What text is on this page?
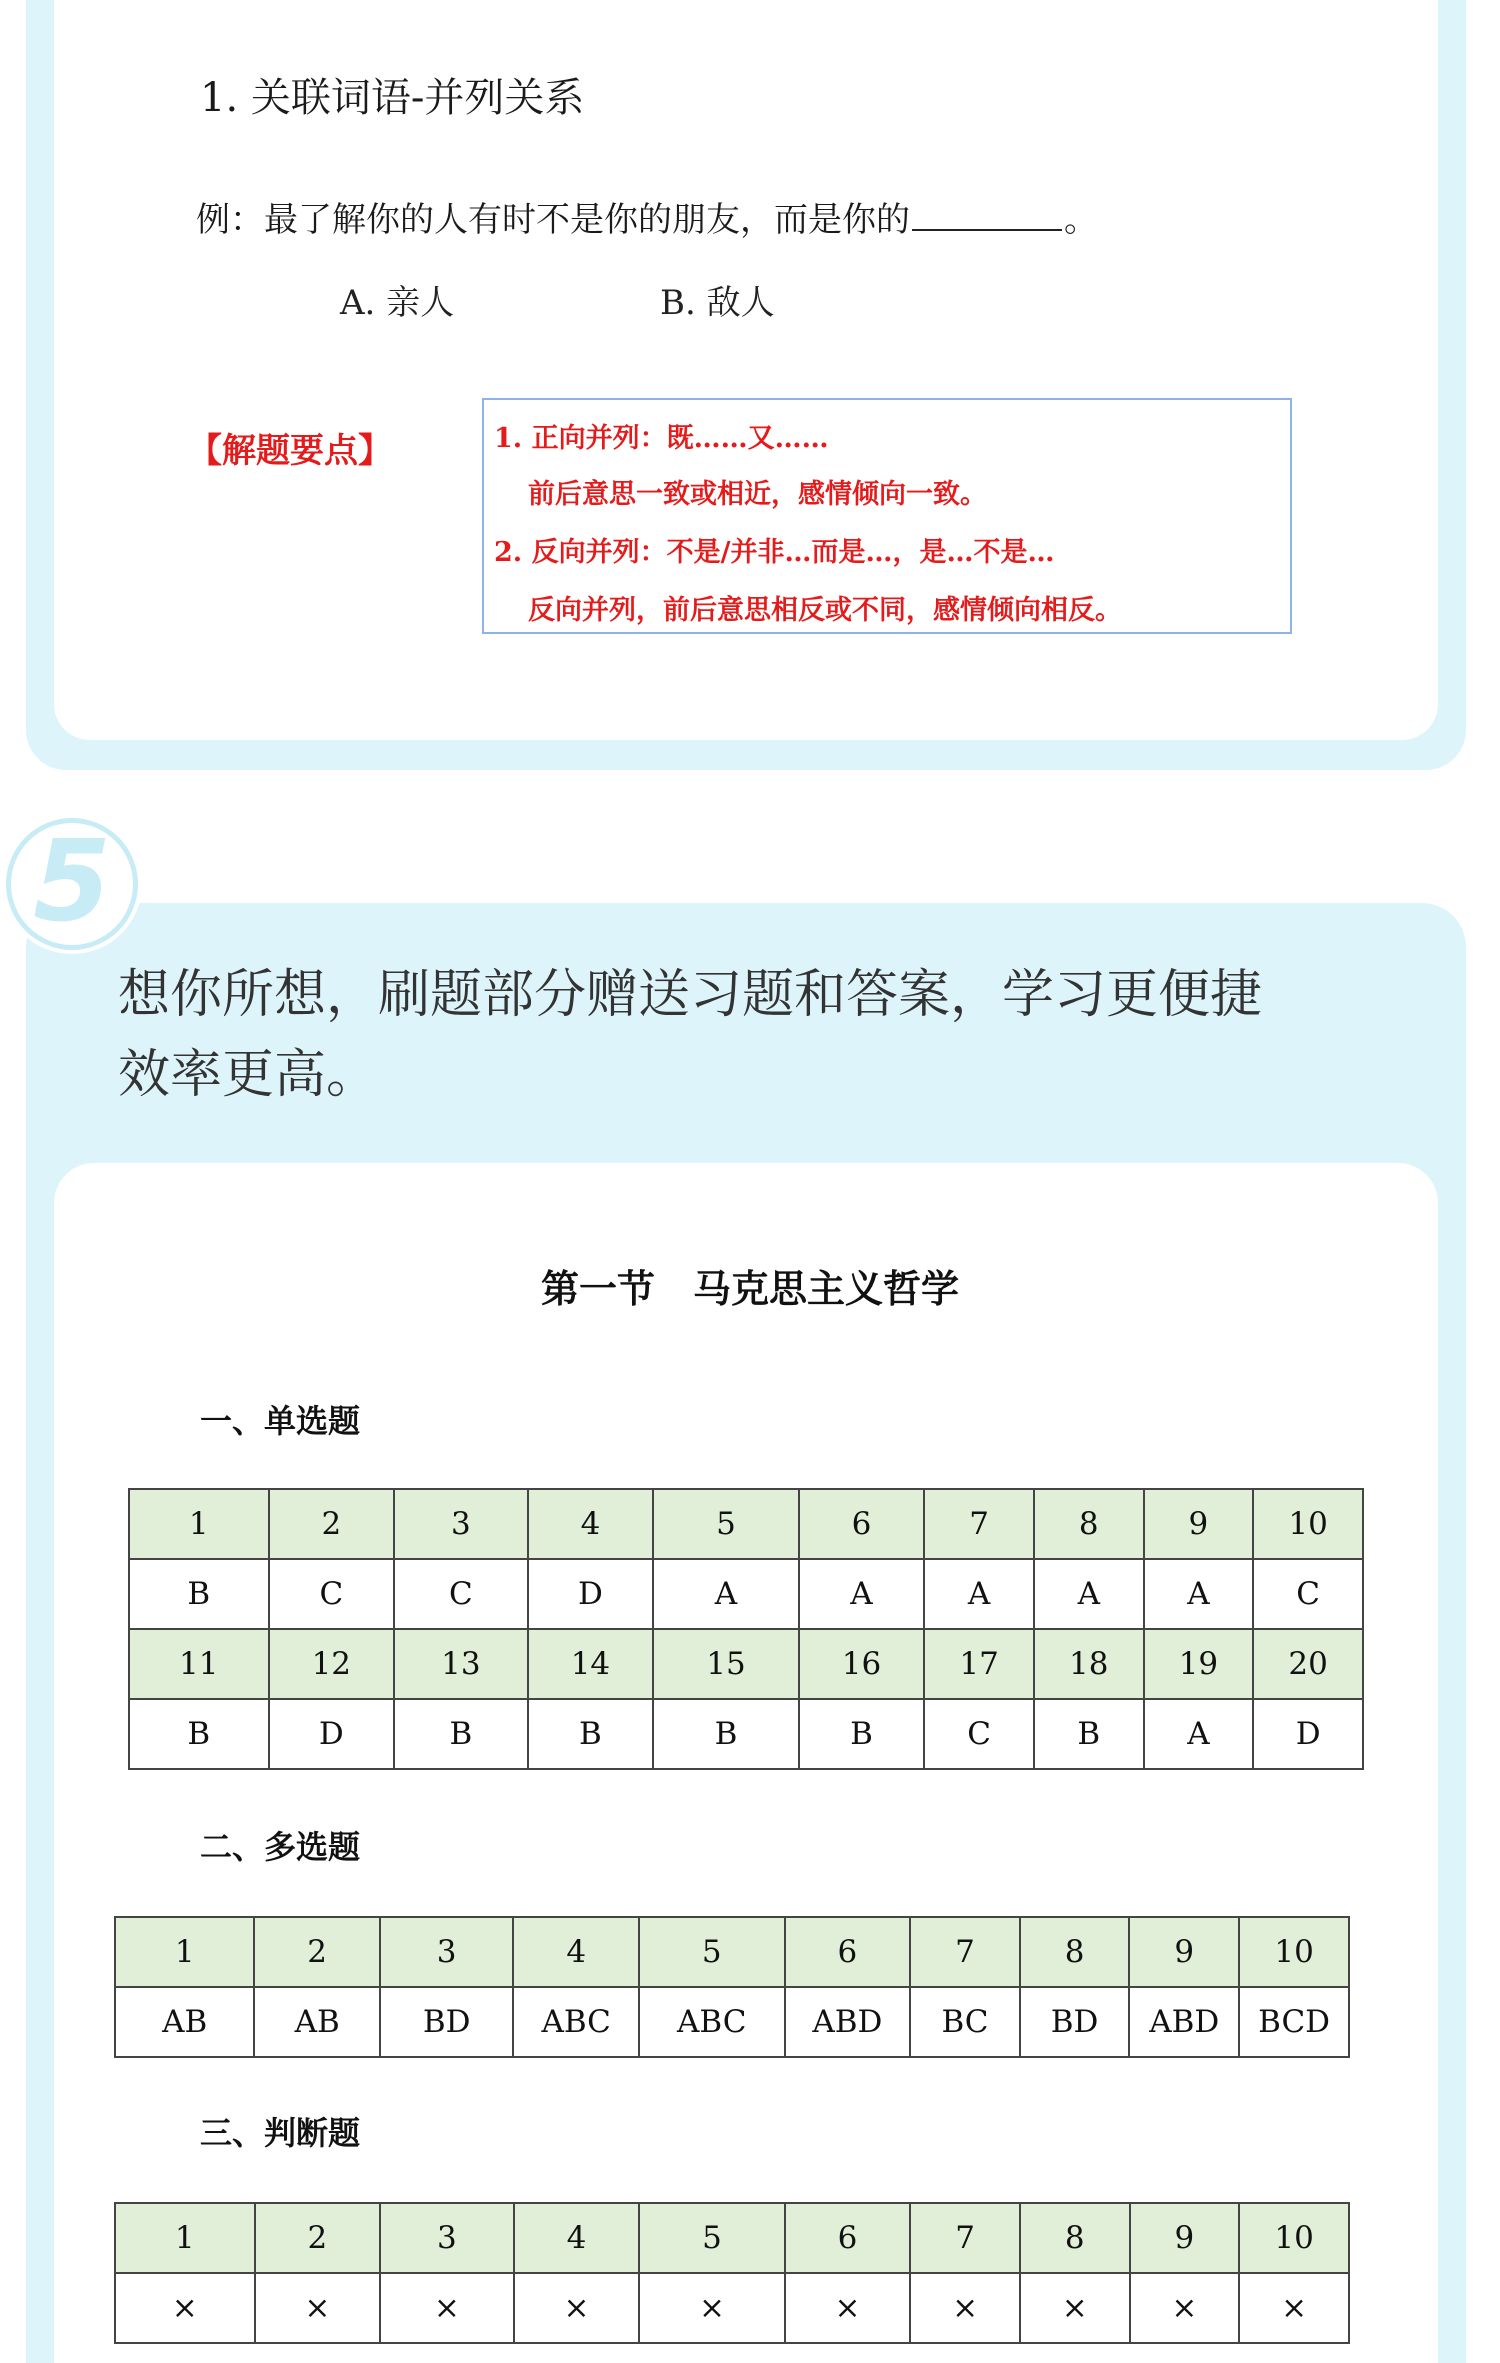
1. 关联词语-并列关系
例：最了解你的人有时不是你的朋友，而是你的	。
A. 亲人	B. 敌人
【解题要点】	1. 正向并列：既……又……
前后意思一致或相近，感情倾向一致。
2. 反向并列：不是/并非…而是…，是…不是…
反向并列，前后意思相反或不同，感情倾向相反。
5
想你所想，刷题部分赠送习题和答案，学习更便捷
效率更高。
第一节　马克思主义哲学
一、单选题
1	2	3	4	5	6	7	8	9	10
B	C	C	D	A	A	A	A	A	C
11	12	13	14	15	16	17	18	19	20
B	D	B	B	B	B	C	B	A	D
二、多选题
1	2	3	4	5	6	7	8	9	10
AB	AB	BD	ABC	ABC	ABD	BC	BD	ABD	BCD
三、判断题
1	2	3	4	5	6	7	8	9	10
×	×	×	×	×	×	×	×	×	×
